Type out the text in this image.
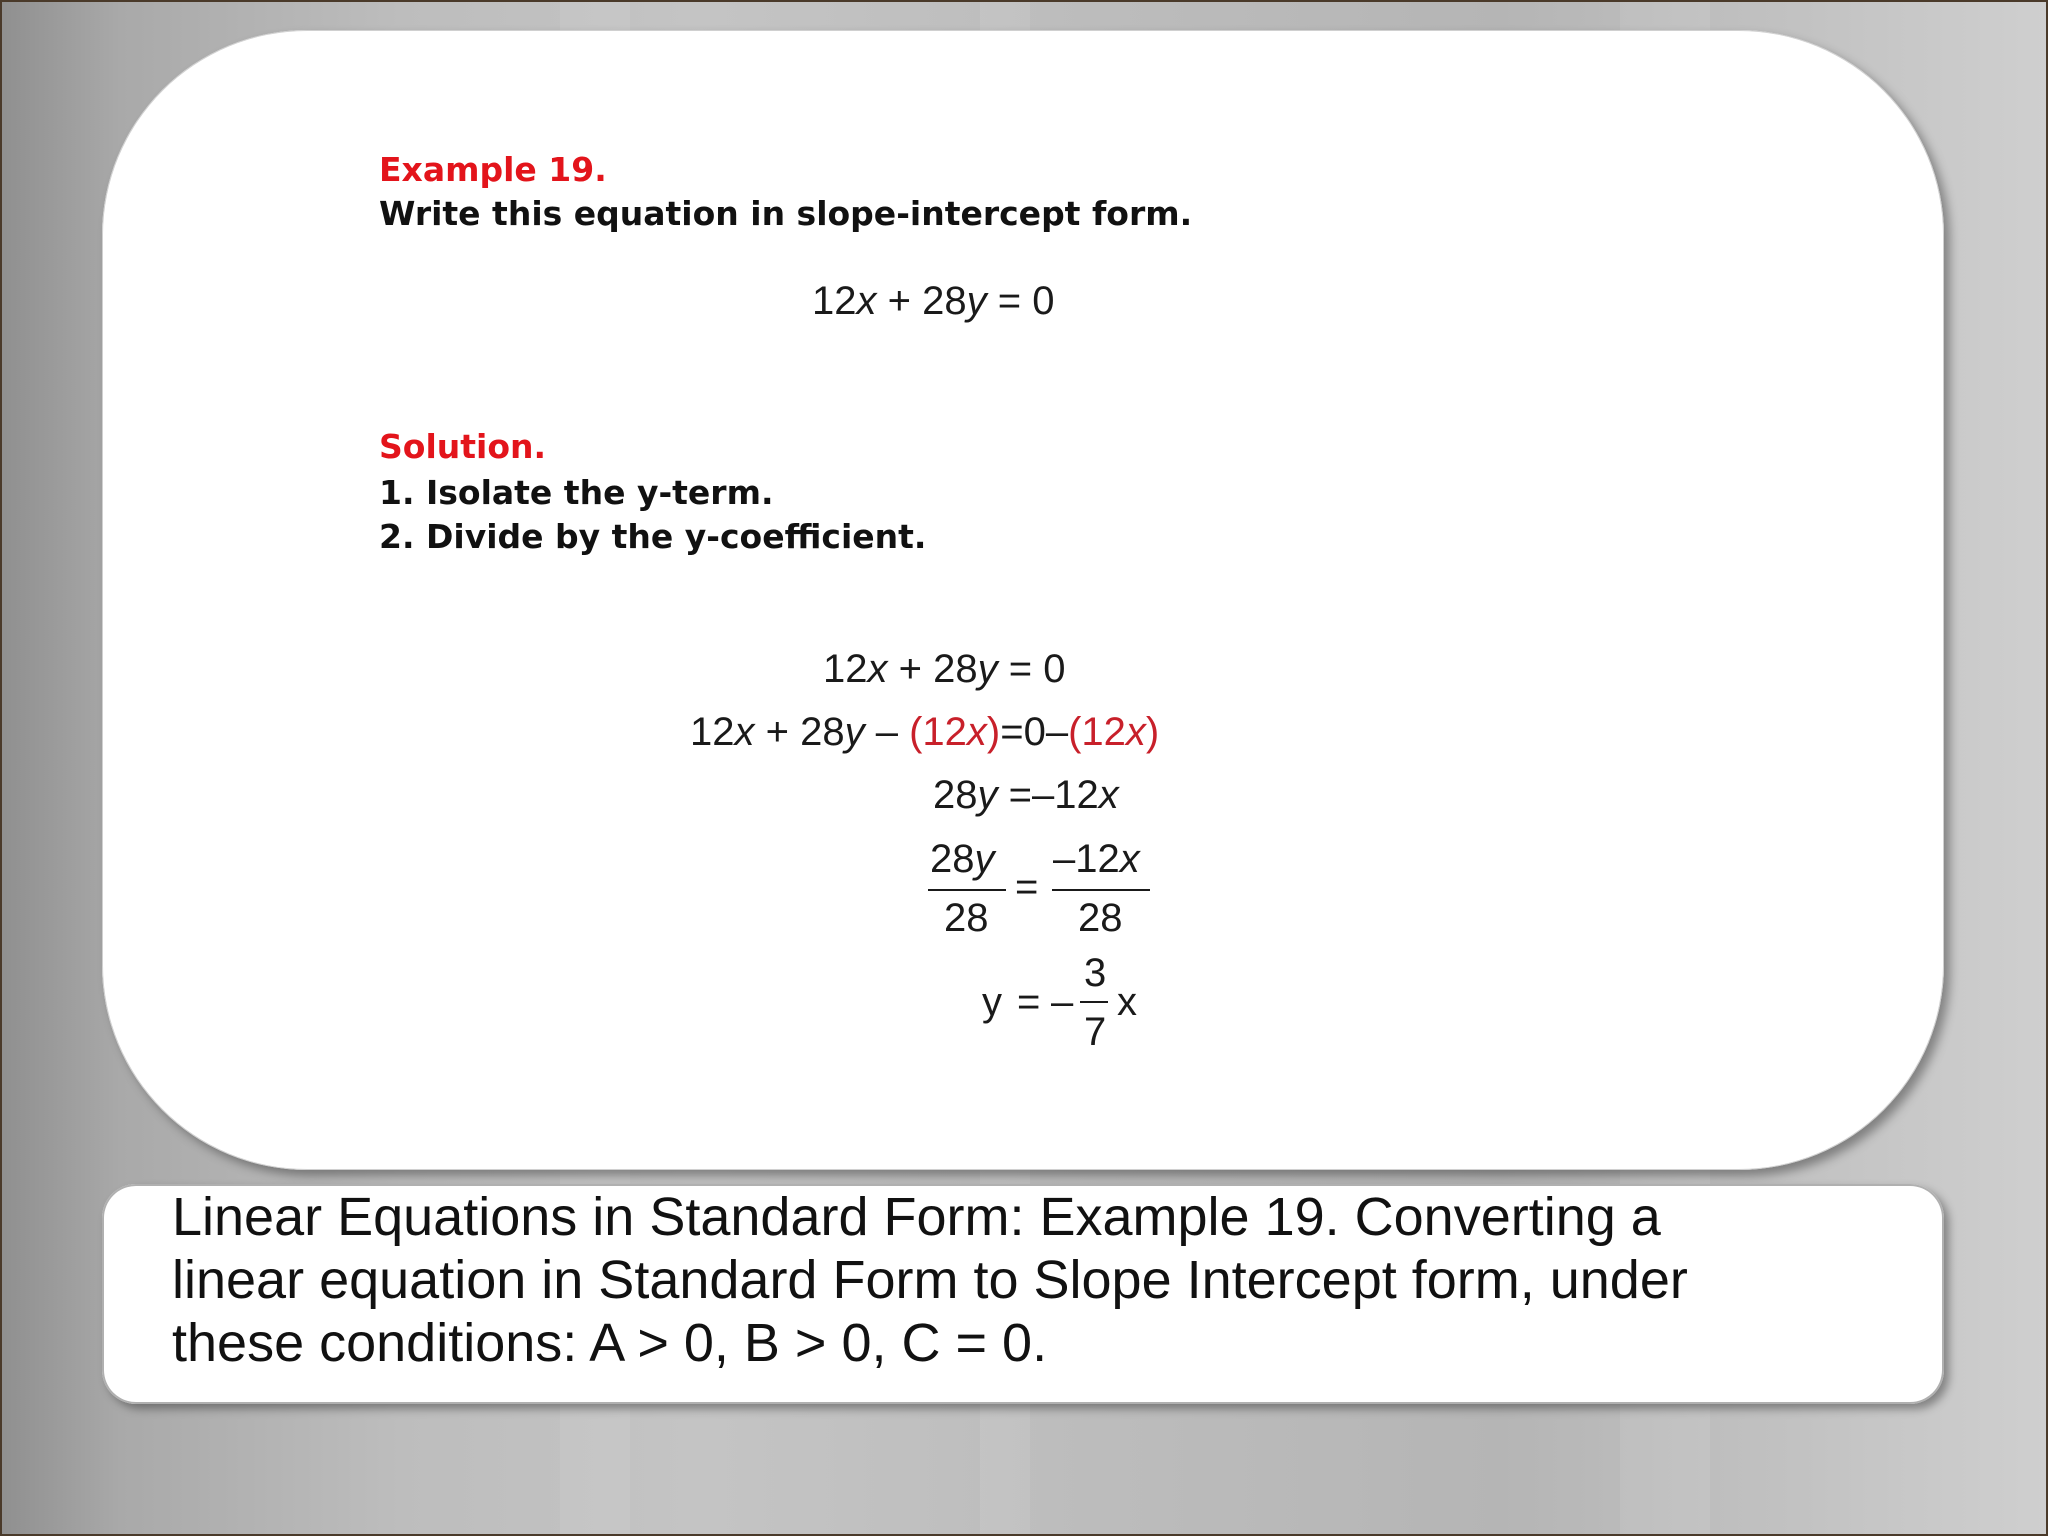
Example 19.
Write this equation in slope-intercept form.
12x + 28y = 0
Solution.
1. Isolate the y-term.
2. Divide by the y-coefficient.
12x + 28y = 0
12x + 28y – (12x)=0–(12x)
28y =–12x
28y
28
=
–12x
28
y = –
3
7
x
Linear Equations in Standard Form: Example 19. Converting a
linear equation in Standard Form to Slope Intercept form, under
these conditions: A > 0, B > 0, C = 0.
